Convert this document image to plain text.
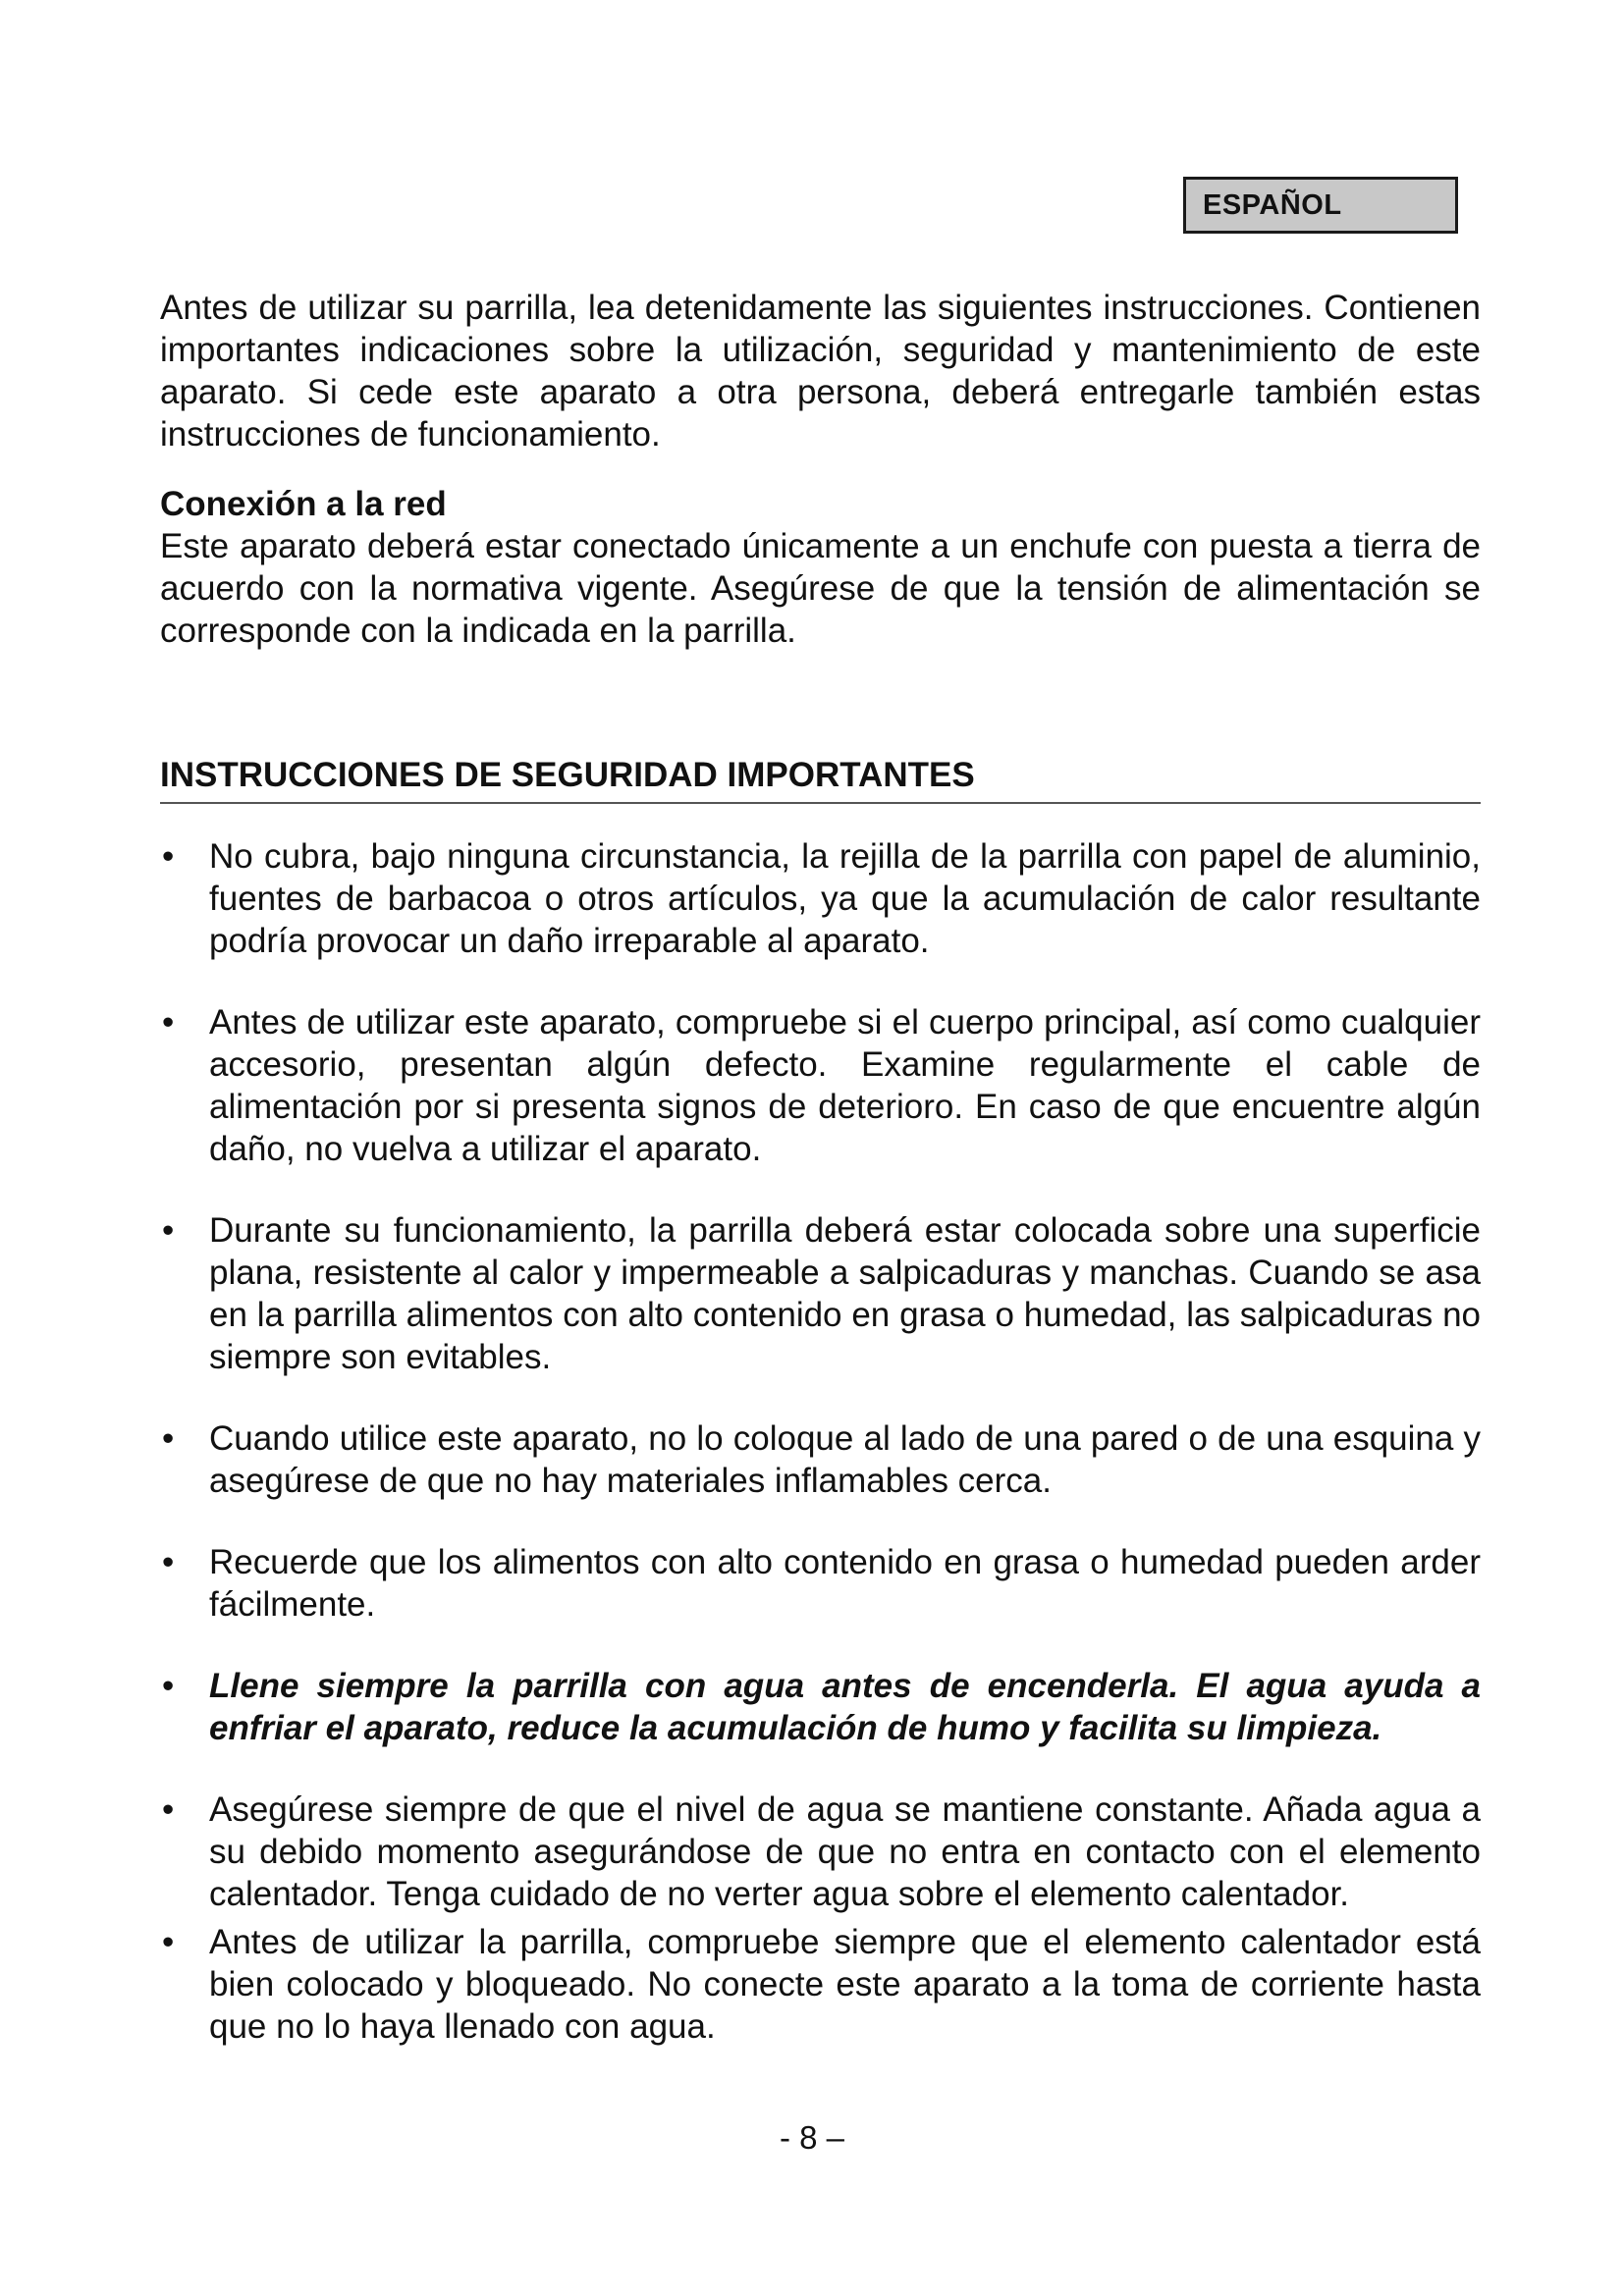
ESPAÑOL

Antes de utilizar su parrilla, lea detenidamente las siguientes instrucciones. Contienen importantes indicaciones sobre la utilización, seguridad y mantenimiento de este aparato. Si cede este aparato a otra persona, deberá entregarle también estas instrucciones de funcionamiento.

Conexión a la red

Este aparato deberá estar conectado únicamente a un enchufe con puesta a tierra de acuerdo con la normativa vigente. Asegúrese de que la tensión de alimentación se corresponde con la indicada en la parrilla.

INSTRUCCIONES DE SEGURIDAD IMPORTANTES
• No cubra, bajo ninguna circunstancia, la rejilla de la parrilla con papel de aluminio, fuentes de barbacoa o otros artículos, ya que la acumulación de calor resultante podría provocar un daño irreparable al aparato.

• Antes de utilizar este aparato, compruebe si el cuerpo principal, así como cualquier accesorio, presentan algún defecto. Examine regularmente el cable de alimentación por si presenta signos de deterioro. En caso de que encuentre algún daño, no vuelva a utilizar el aparato.

• Durante su funcionamiento, la parrilla deberá estar colocada sobre una superficie plana, resistente al calor y impermeable a salpicaduras y manchas. Cuando se asa en la parrilla alimentos con alto contenido en grasa o humedad, las salpicaduras no siempre son evitables.

• Cuando utilice este aparato, no lo coloque al lado de una pared o de una esquina y asegúrese de que no hay materiales inflamables cerca.

• Recuerde que los alimentos con alto contenido en grasa o humedad pueden arder fácilmente.

• Llene siempre la parrilla con agua antes de encenderla. El agua ayuda a enfriar el aparato, reduce la acumulación de humo y facilita su limpieza.

• Asegúrese siempre de que el nivel de agua se mantiene constante. Añada agua a su debido momento asegurándose de que no entra en contacto con el elemento calentador. Tenga cuidado de no verter agua sobre el elemento calentador.

• Antes de utilizar la parrilla, compruebe siempre que el elemento calentador está bien colocado y bloqueado. No conecte este aparato a la toma de corriente hasta que no lo haya llenado con agua.

- 8 –
